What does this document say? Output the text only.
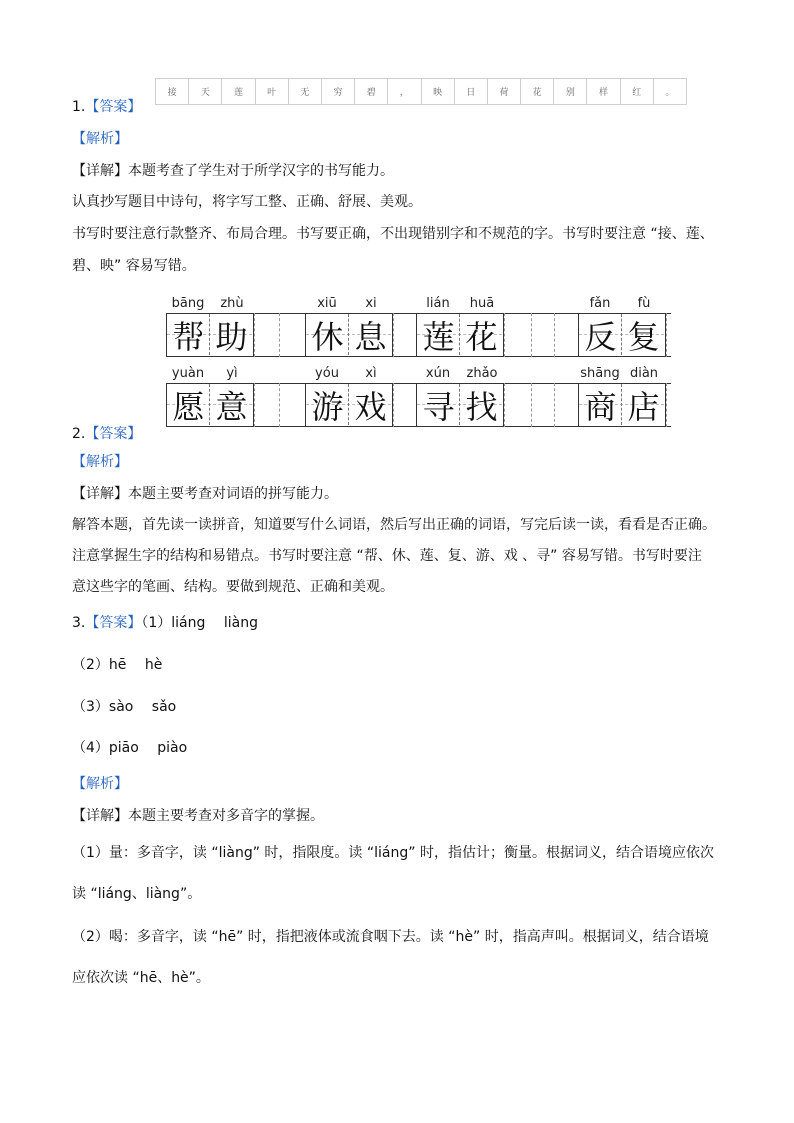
接	天	莲	叶	无	穷	碧	，	映	日	荷	花	别	样	红	。
1.【答案】
【解析】
【详解】本题考查了学生对于所学汉字的书写能力。
认真抄写题目中诗句，将字写工整、正确、舒展、美观。
书写时要注意行款整齐、布局合理。书写要正确，不出现错别字和不规范的字。书写时要注意 “接、莲、
碧、映” 容易写错。
bāng	zhù
帮 助
xiū	xi
休 息
lián	huā
莲 花
fǎn	fù
反 复
yuàn	yì
愿 意
yóu	xì
游 戏
xún	zhǎo
寻 找
shāng diàn
商 店
2.【答案】
【解析】
【详解】本题主要考查对词语的拼写能力。
解答本题，首先读一读拼音，知道要写什么词语，然后写出正确的词语，写完后读一读，看看是否正确。
注意掌握生字的结构和易错点。书写时要注意 “帮、休、莲、复、游、戏 、寻” 容易写错。书写时要注
意这些字的笔画、结构。要做到规范、正确和美观。
3.【答案】（1）liáng　 liàng
（2）hē　 hè
（3）sào　 sǎo
（4）piāo　 piào
【解析】
【详解】本题主要考查对多音字的掌握。
（1）量：多音字，读 “liàng” 时，指限度。读 “liáng” 时，指估计；衡量。根据词义，结合语境应依次
读 “liáng、liàng”。
（2）喝：多音字，读 “hē” 时，指把液体或流食咽下去。读 “hè” 时，指高声叫。根据词义，结合语境
应依次读 “hē、hè”。
